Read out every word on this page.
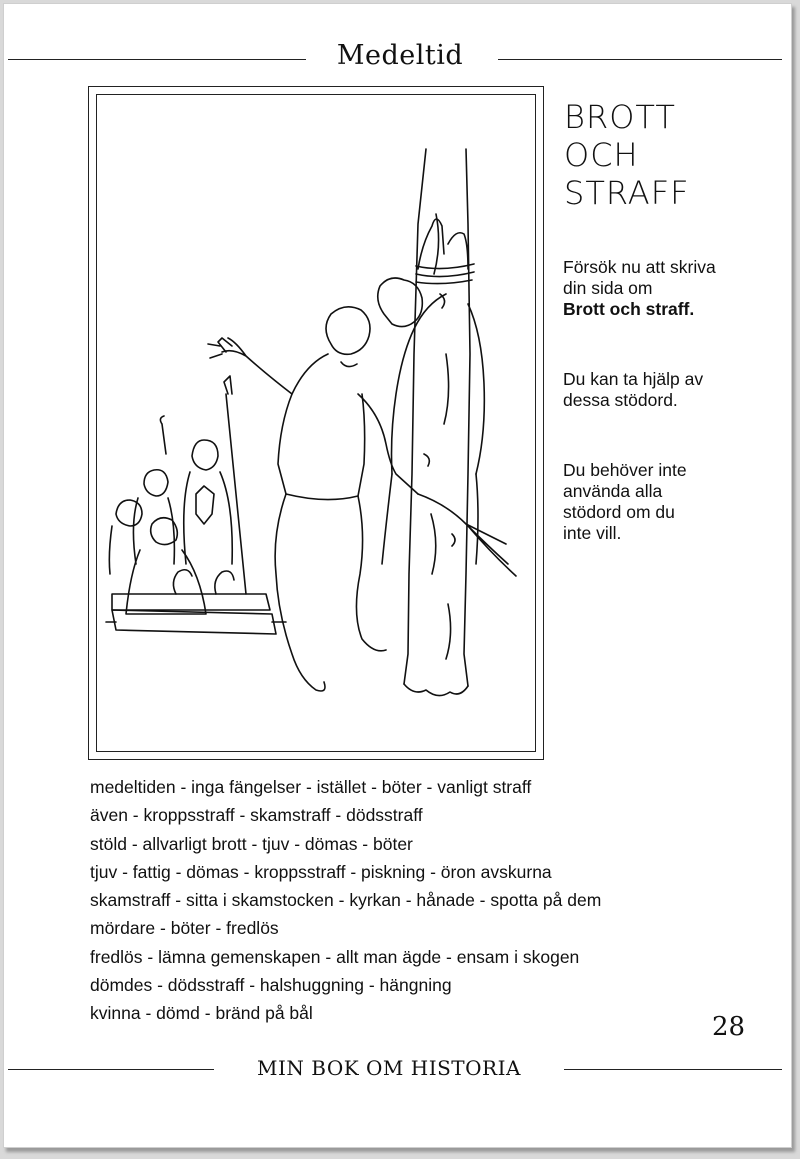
Medeltid
BROTT
OCH
STRAFF
Försök nu att skriva
din sida om
Brott och straff.
Du kan ta hjälp av
dessa stödord.
Du behöver inte
använda alla
stödord om du
inte vill.
medeltiden - inga fängelser - istället - böter - vanligt straff
även - kroppsstraff - skamstraff - dödsstraff
stöld - allvarligt brott - tjuv - dömas - böter
tjuv - fattig - dömas - kroppsstraff - piskning - öron avskurna
skamstraff - sitta i skamstocken - kyrkan - hånade - spotta på dem
mördare - böter - fredlös
fredlös - lämna gemenskapen - allt man ägde - ensam i skogen
dömdes - dödsstraff - halshuggning - hängning
kvinna - dömd - bränd på bål	28
MIN BOK OM HISTORIA
